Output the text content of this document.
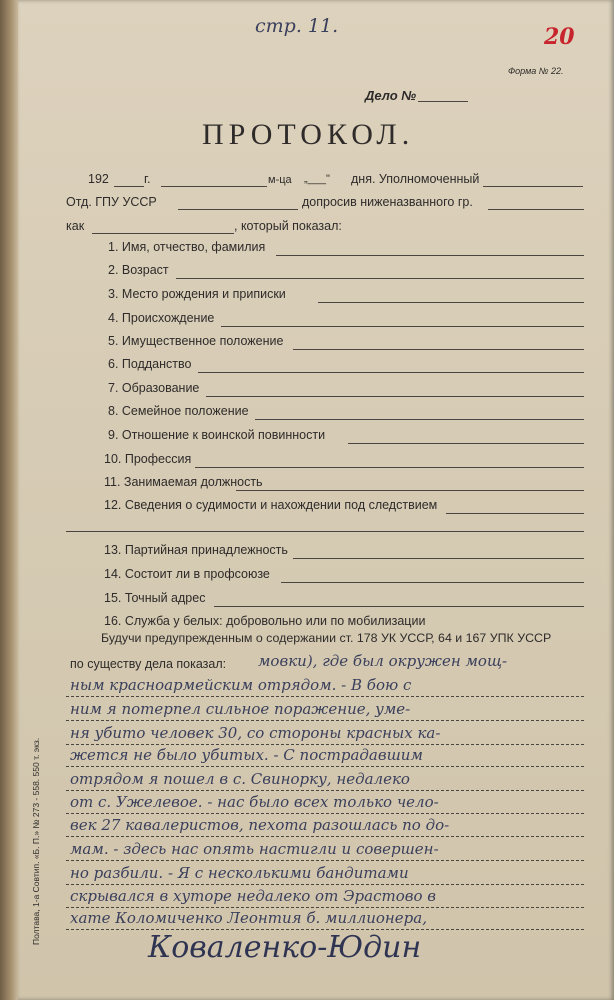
стр. 11.	20
Дело №
Форма № 22.
ПРОТОКОЛ.
192	г.	м-ца „___" дня. Уполномоченный
Отд. ГПУ УССР	допросив ниженазванного гр.
как	, который показал:
1. Имя, отчество, фамилия
2. Возраст
3. Место рождения и приписки
4. Происхождение
5. Имущественное положение
6. Подданство
7. Образование
8. Семейное положение
9. Отношение к воинской повинности
10. Профессия
11. Занимаемая должность
12. Сведения о судимости и нахождении под следствием
13. Партийная принадлежность
14. Состоит ли в профсоюзе
15. Точный адрес
16. Служба у белых: добровольно или по мобилизации
Будучи предупрежденным о содержании ст. 178 УК УССР, 64 и 167 УПК УССР
по существу дела показал: мовки), где был окружен мощ-
ным красноармейским отрядом. - В бою с
ним я потерпел сильное поражение, уме-
ня убито человек 30, со стороны красных ка-
жется не было убитых. - С пострадавшим
отрядом я пошел в с. Свинорку, недалеко
от с. Ужелевое. - нас было всех только чело-
век 27 кавалеристов, пехота разошлась по до-
мам. - здесь нас опять настигли и совершен-
но разбили. - Я с несколькими бандитами
скрывался в хуторе недалеко от Эрастово в
хате Коломиченко Леонтия б. миллионера,
Коваленко-Юдин
Полтава, 1-а Совтип. «Б. П.» № 273 - 558. 550 т. экз.
